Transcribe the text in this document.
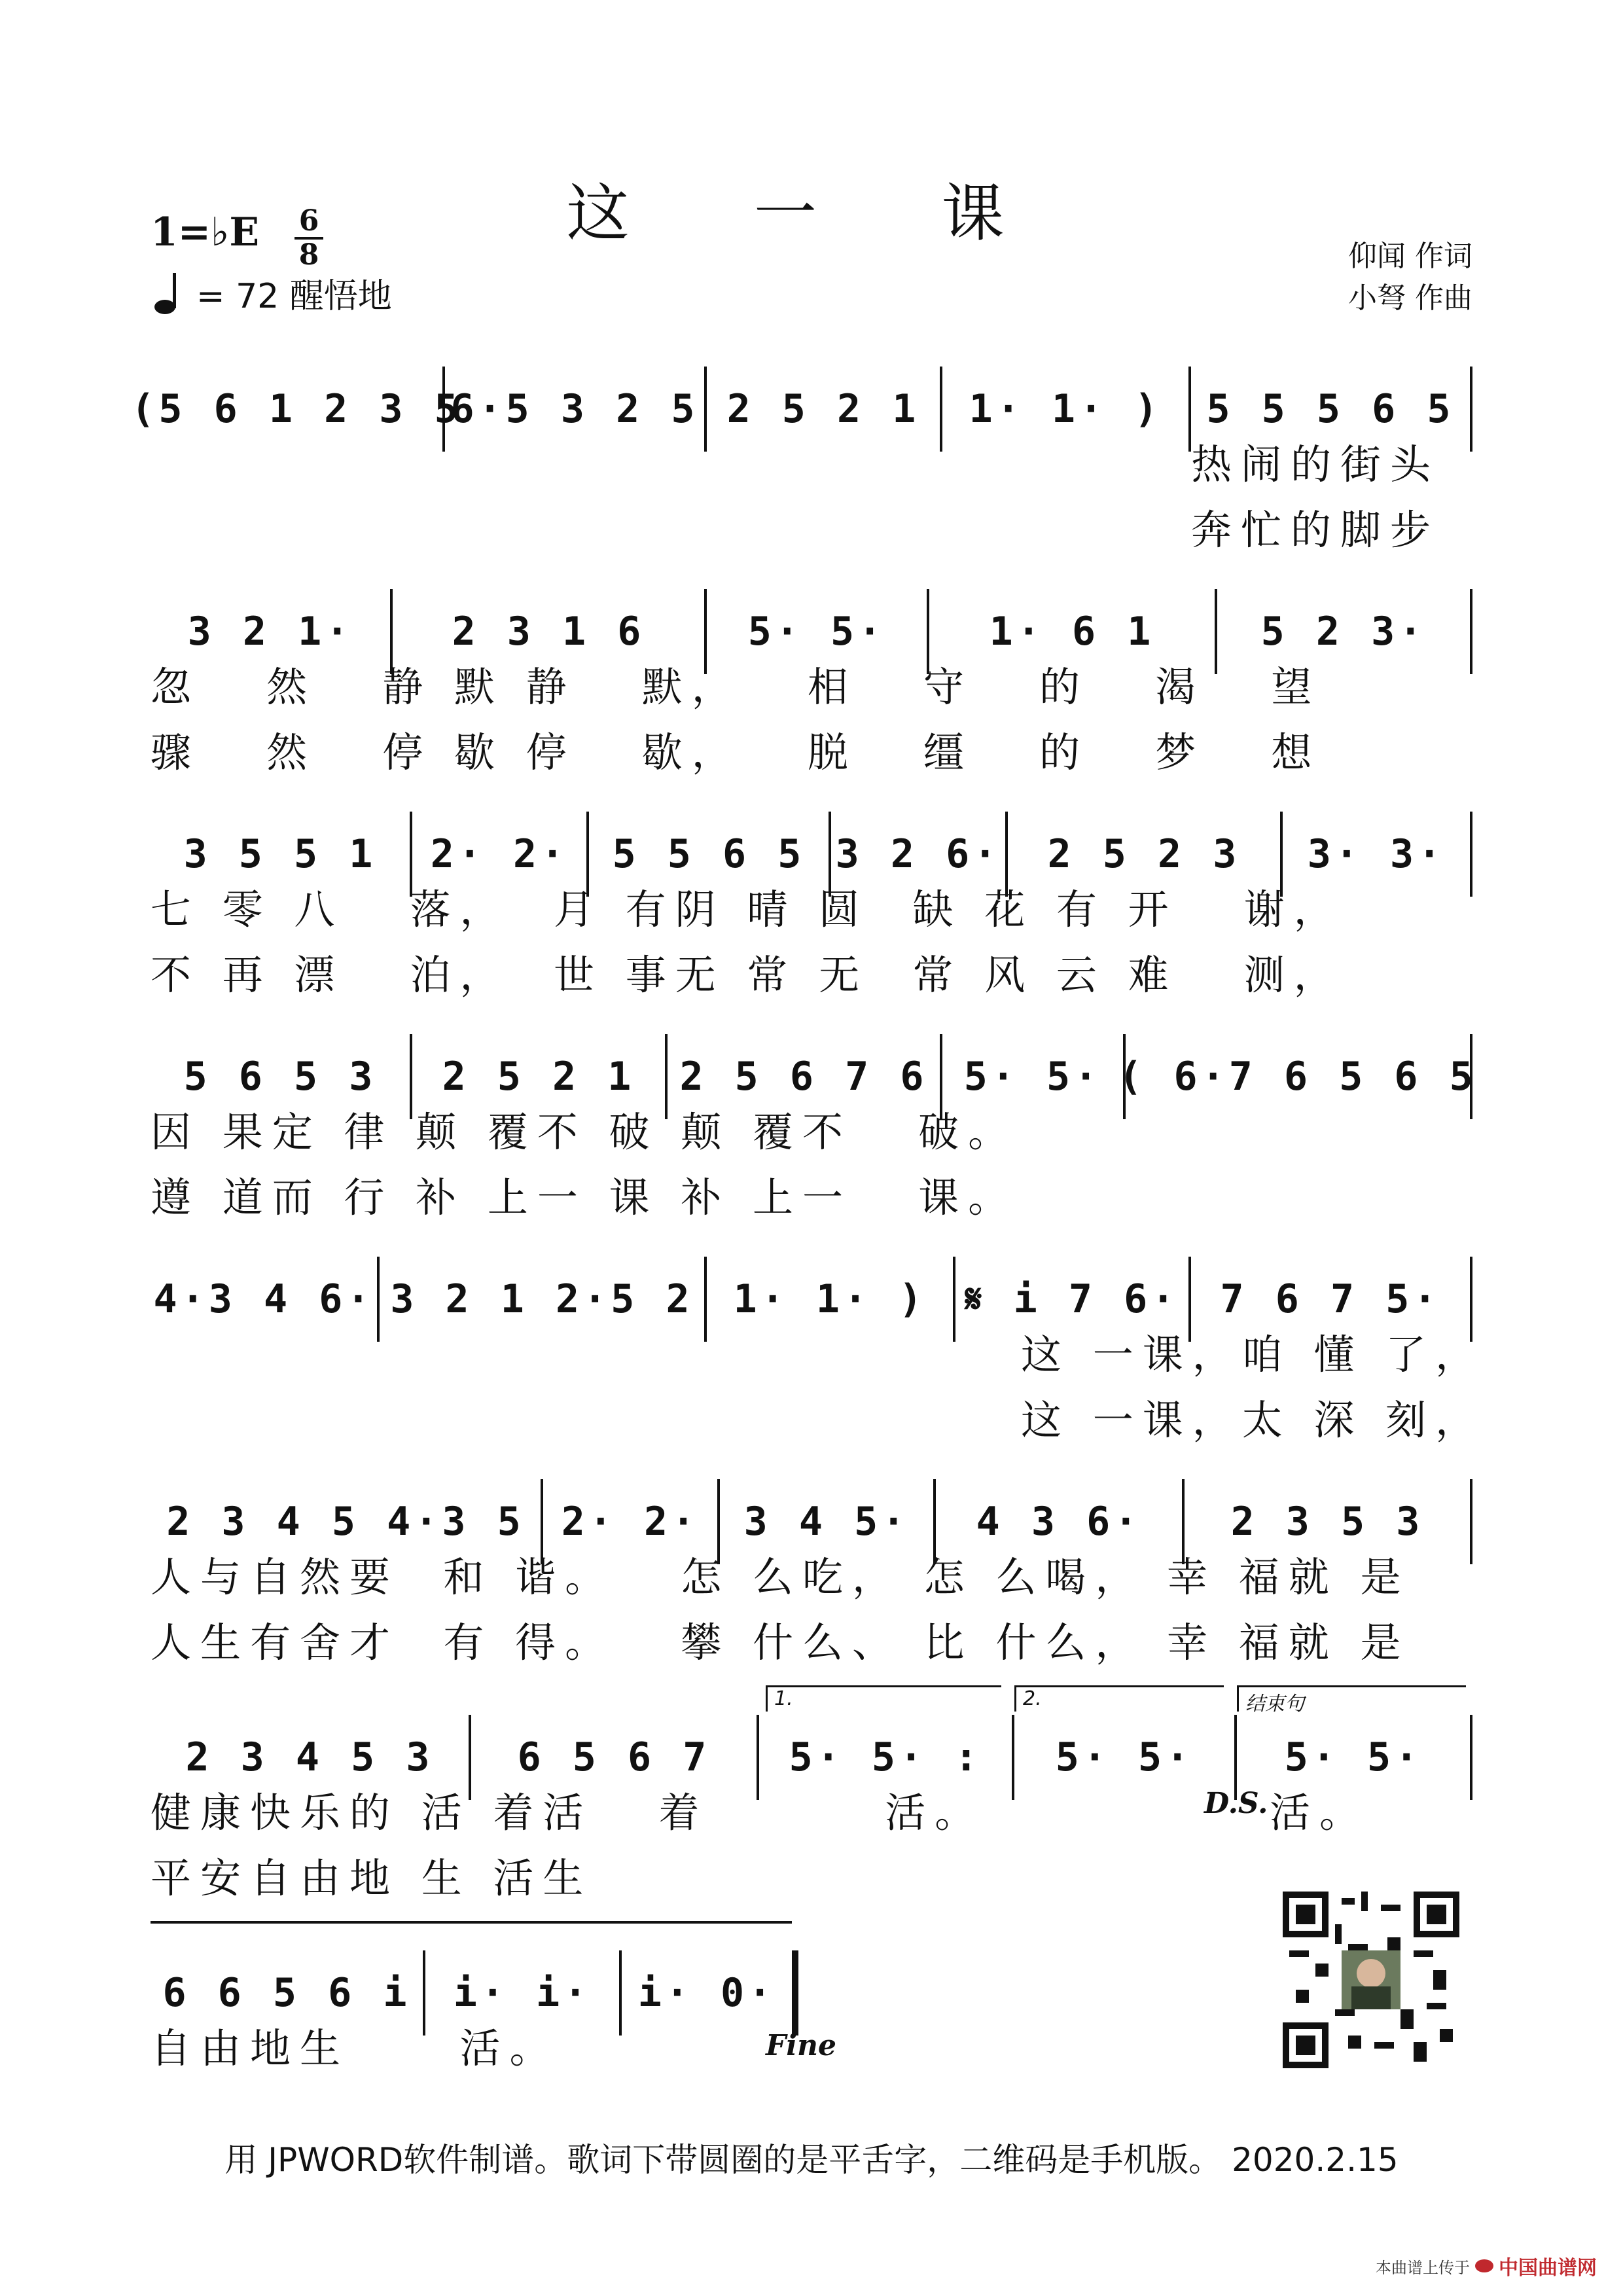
这 一 课
1=♭E 6
8
= 72 醒悟地
仰闻 作词
小弩 作曲
(5 6 1 2 3 5
6·5 3 2 5 2 5 2 1	1· 1· )	5 5 5 6 5
热闹的街头
奔忙的脚步
3 2 1·	2 3 1 6	5· 5·	1· 6 1	5 2 3·
忽   然   静 默 静   默，   相   守   的   渴   望
骤   然   停 歇 停   歇，   脱   缰   的   梦   想
3 5 5 1	2· 2·	5 5 6 5 3 2 6·	2 5 2 3	3· 3·
七 零 八   落，  月 有阴 晴 圆  缺 花 有 开   谢，
不 再 漂   泊，  世 事无 常 无  常 风 云 难   测，
5 6 5 3	2 5 2 1	2 5 6 7 6 5· 5· ( 6·7 6 5 6 5
因 果定 律 颠 覆不 破 颠 覆不   破。
遵 道而 行 补 上一 课 补 上一   课。
4·3 4 6· 3 2 1 2·5 2	1· 1· ) 𝄋 i 7 6·	7 6 7 5·
这 一课，咱 懂 了，
这 一课，太 深 刻，
2 3 4 5 4·3 5 2· 2·	3 4 5·	4 3 6·	2 3 5 3
人与自然要  和 谐。   怎 么吃， 怎 么喝， 幸 福就 是
人生有舍才  有 得。   攀 什么、 比 什么， 幸 福就 是
1.	2.	结束句
2 3 4 5 3	6 5 6 7	5· 5· :	5· 5·	5· 5·
健康快乐的 活 着活   着        活。	D.S. 活。
平安自由地 生 活生
6 6 5 6 i	i· i·	i· 0·
自由地生     活。	Fine
用 JPWORD软件制谱。歌词下带圆圈的是平舌字，二维码是手机版。 2020.2.15
本曲谱上传于 中国曲谱网
